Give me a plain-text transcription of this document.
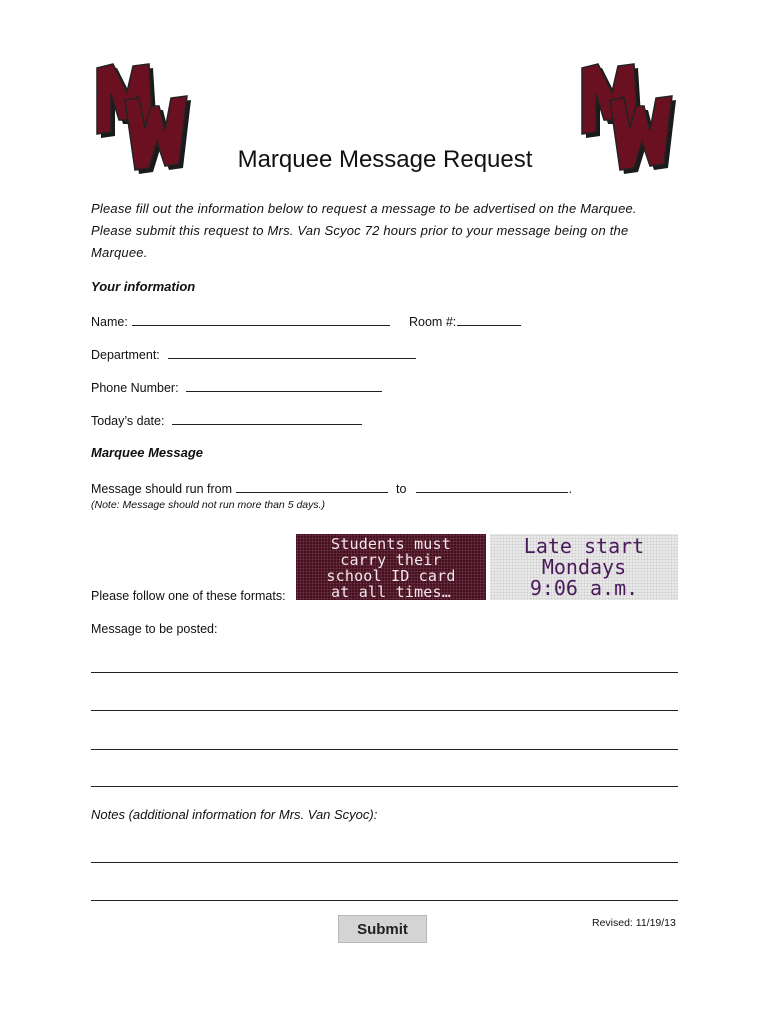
Marquee Message Request
Please fill out the information below to request a message to be advertised on the Marquee. Please submit this request to Mrs. Van Scyoc 72 hours prior to your message being on the Marquee.
Your information
Name:	Room #:
Department:
Phone Number:
Today’s date:
Marquee Message
Message should run from	to	.
(Note: Message should not run more than 5 days.)
Students must
carry their
school ID card
at all times…
Late start
Mondays
9:06 a.m.
Please follow one of these formats:
Message to be posted:
Notes (additional information for Mrs. Van Scyoc):
Submit	Revised: 11/19/13
